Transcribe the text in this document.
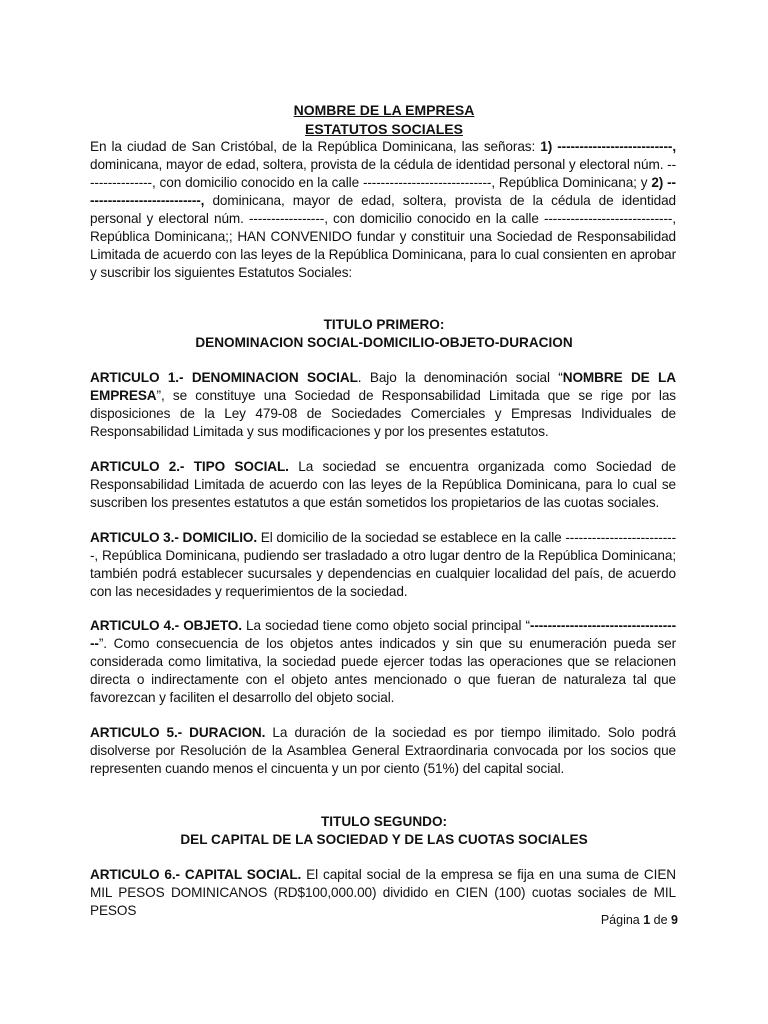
NOMBRE DE LA EMPRESA
ESTATUTOS SOCIALES

En la ciudad de San Cristóbal, de la República Dominicana, las señoras: 1) --------------------------, dominicana, mayor de edad, soltera, provista de la cédula de identidad personal y electoral núm. ----------------, con domicilio conocido en la calle -----------------------------, República Dominicana; y 2) ---------------------------, dominicana, mayor de edad, soltera, provista de la cédula de identidad personal y electoral núm. -----------------, con domicilio conocido en la calle -----------------------------, República Dominicana;; HAN CONVENIDO fundar y constituir una Sociedad de Responsabilidad Limitada de acuerdo con las leyes de la República Dominicana, para lo cual consienten en aprobar y suscribir los siguientes Estatutos Sociales:

TITULO PRIMERO:
DENOMINACION SOCIAL-DOMICILIO-OBJETO-DURACION

ARTICULO 1.- DENOMINACION SOCIAL. Bajo la denominación social “NOMBRE DE LA EMPRESA”, se constituye una Sociedad de Responsabilidad Limitada que se rige por las disposiciones de la Ley 479-08 de Sociedades Comerciales y Empresas Individuales de Responsabilidad Limitada y sus modificaciones y por los presentes estatutos.

ARTICULO 2.- TIPO SOCIAL. La sociedad se encuentra organizada como Sociedad de Responsabilidad Limitada de acuerdo con las leyes de la República Dominicana, para lo cual se suscriben los presentes estatutos a que están sometidos los propietarios de las cuotas sociales.

ARTICULO 3.- DOMICILIO. El domicilio de la sociedad se establece en la calle --------------------------, República Dominicana, pudiendo ser trasladado a otro lugar dentro de la República Dominicana; también podrá establecer sucursales y dependencias en cualquier localidad del país, de acuerdo con las necesidades y requerimientos de la sociedad.

ARTICULO 4.- OBJETO. La sociedad tiene como objeto social principal “-----------------------------------”. Como consecuencia de los objetos antes indicados y sin que su enumeración pueda ser considerada como limitativa, la sociedad puede ejercer todas las operaciones que se relacionen directa o indirectamente con el objeto antes mencionado o que fueran de naturaleza tal que favorezcan y faciliten el desarrollo del objeto social.

ARTICULO 5.- DURACION. La duración de la sociedad es por tiempo ilimitado. Solo podrá disolverse por Resolución de la Asamblea General Extraordinaria convocada por los socios que representen cuando menos el cincuenta y un por ciento (51%) del capital social.

TITULO SEGUNDO:
DEL CAPITAL DE LA SOCIEDAD Y DE LAS CUOTAS SOCIALES

ARTICULO 6.- CAPITAL SOCIAL. El capital social de la empresa se fija en una suma de CIEN MIL PESOS DOMINICANOS (RD$100,000.00) dividido en CIEN (100) cuotas sociales de MIL PESOS

Página 1 de 9
